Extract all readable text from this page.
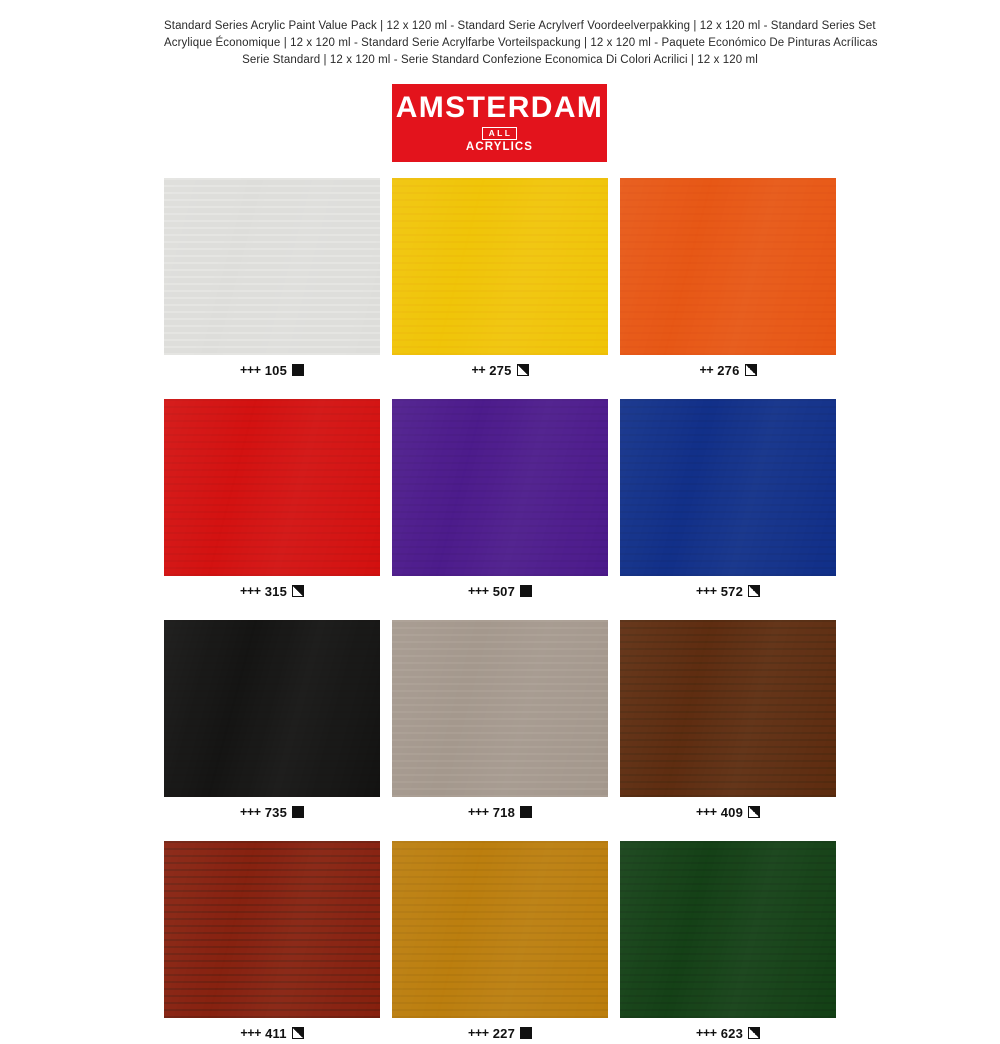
Standard Series Acrylic Paint Value Pack | 12 x 120 ml - Standard Serie Acrylverf Voordeelverpakking | 12 x 120 ml - Standard Series Set
Acrylique Économique | 12 x 120 ml - Standard Serie Acrylfarbe Vorteilspackung | 12 x 120 ml - Paquete Económico De Pinturas Acrílicas
Serie Standard | 12 x 120 ml - Serie Standard Confezione Economica Di Colori Acrilici | 12 x 120 ml
AMSTERDAM
ALL
ACRYLICS
+++ 105	++ 275	++ 276
+++ 315	+++ 507	+++ 572
+++ 735	+++ 718	+++ 409
+++ 411	+++ 227	+++ 623
